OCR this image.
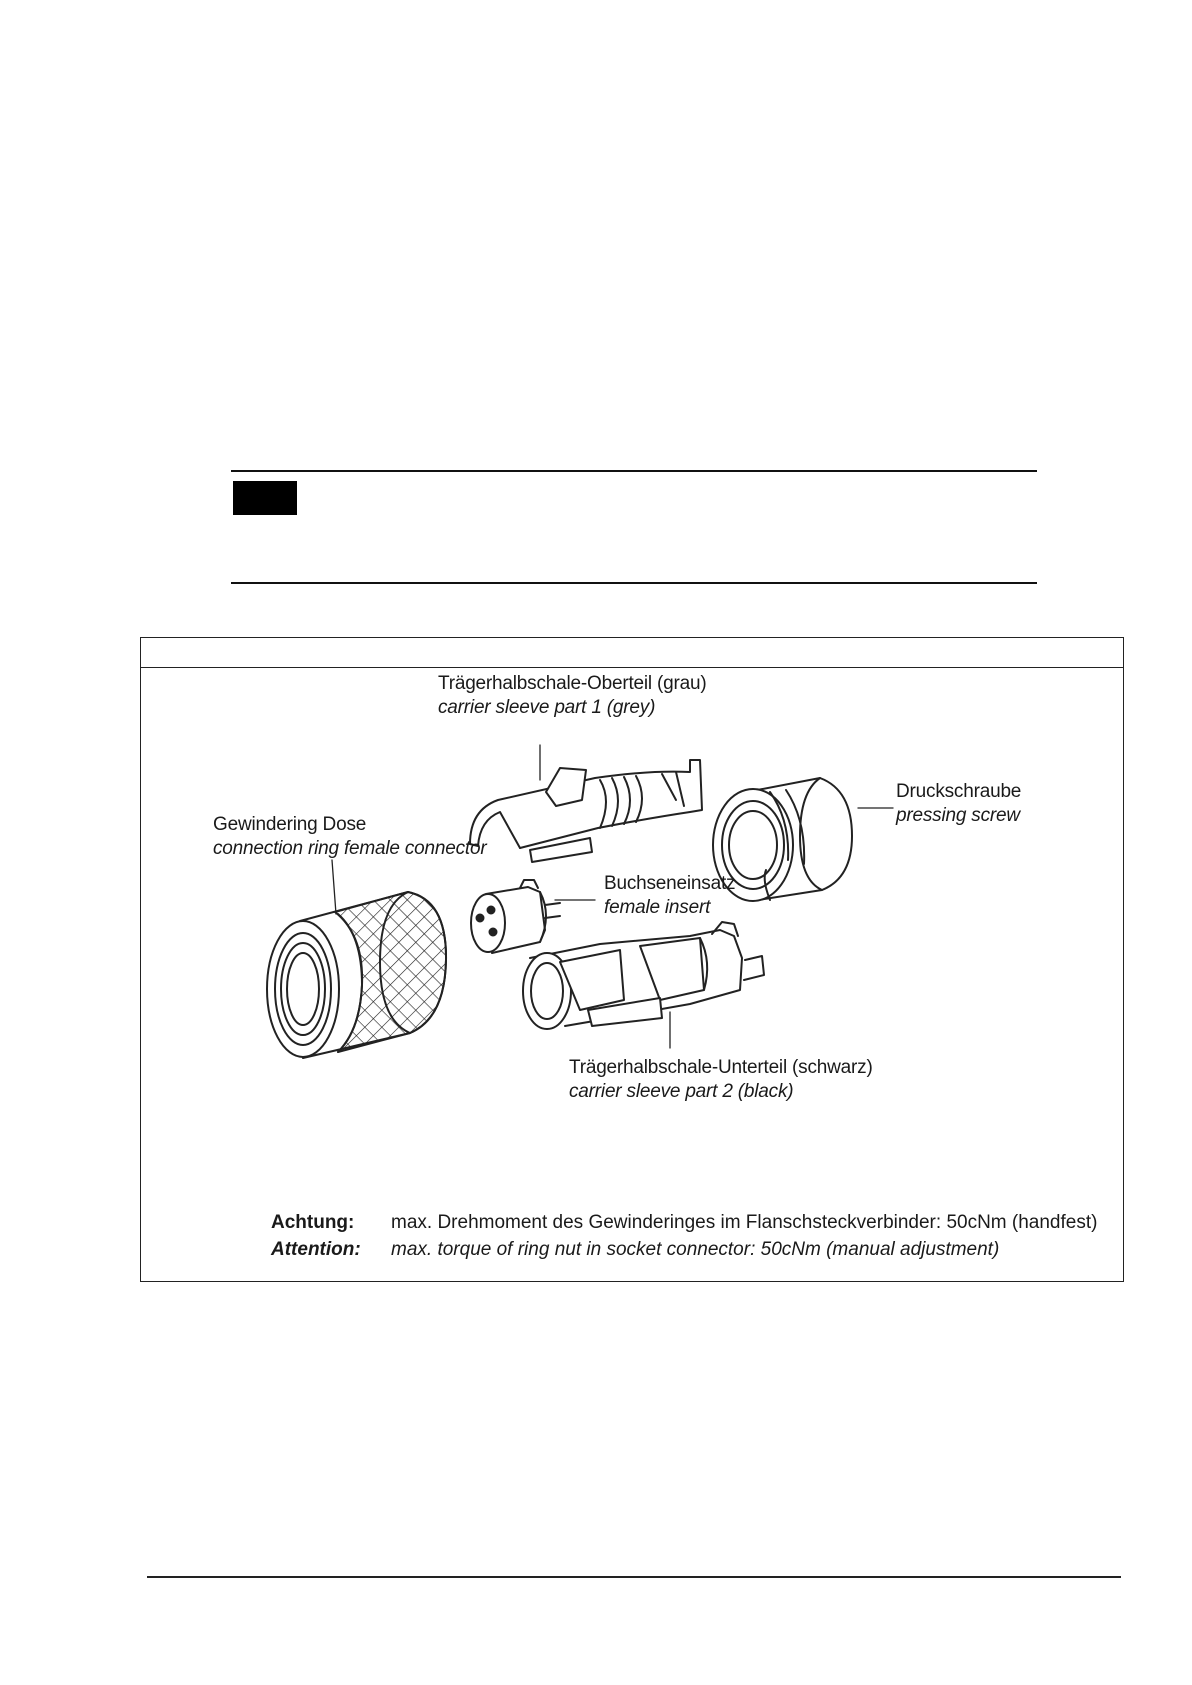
Trägerhalbschale-Oberteil (grau)
carrier sleeve part 1 (grey)
Druckschraube
pressing screw
Gewindering Dose
connection ring female connector
Buchseneinsatz
female insert
Trägerhalbschale-Unterteil (schwarz)
carrier sleeve part 2 (black)
Achtung: max. Drehmoment des Gewinderinges im Flanschsteckverbinder: 50cNm (handfest)
Attention: max. torque of ring nut in socket connector: 50cNm (manual adjustment)
